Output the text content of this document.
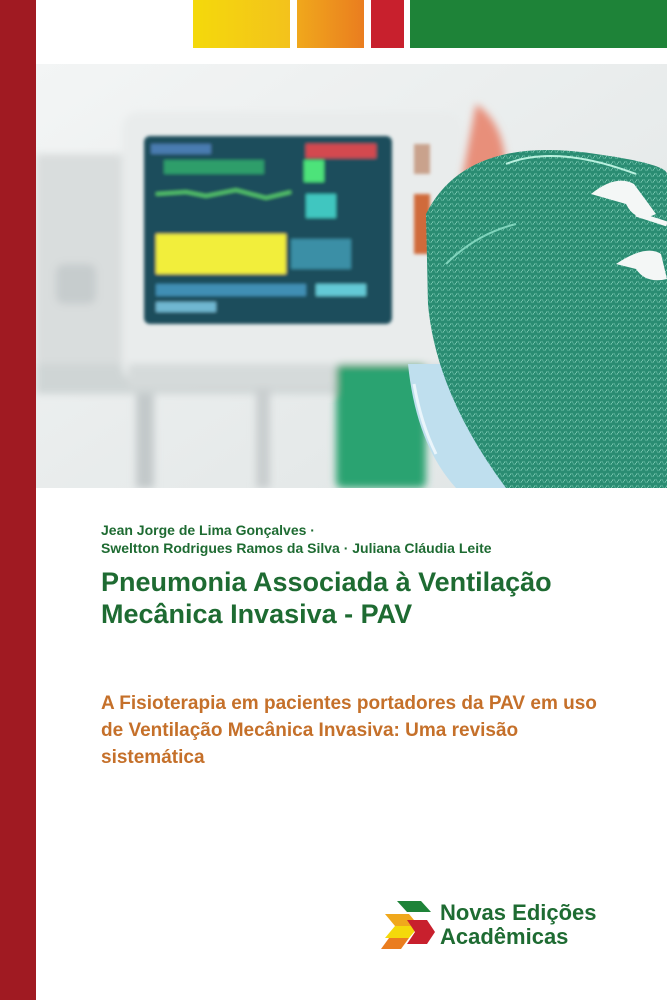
Jean Jorge de Lima Gonçalves ·
Sweltton Rodrigues Ramos da Silva · Juliana Cláudia Leite
Pneumonia Associada à Ventilação Mecânica Invasiva - PAV
A Fisioterapia em pacientes portadores da PAV em uso de Ventilação Mecânica Invasiva: Uma revisão sistemática
Novas Edições
Acadêmicas
